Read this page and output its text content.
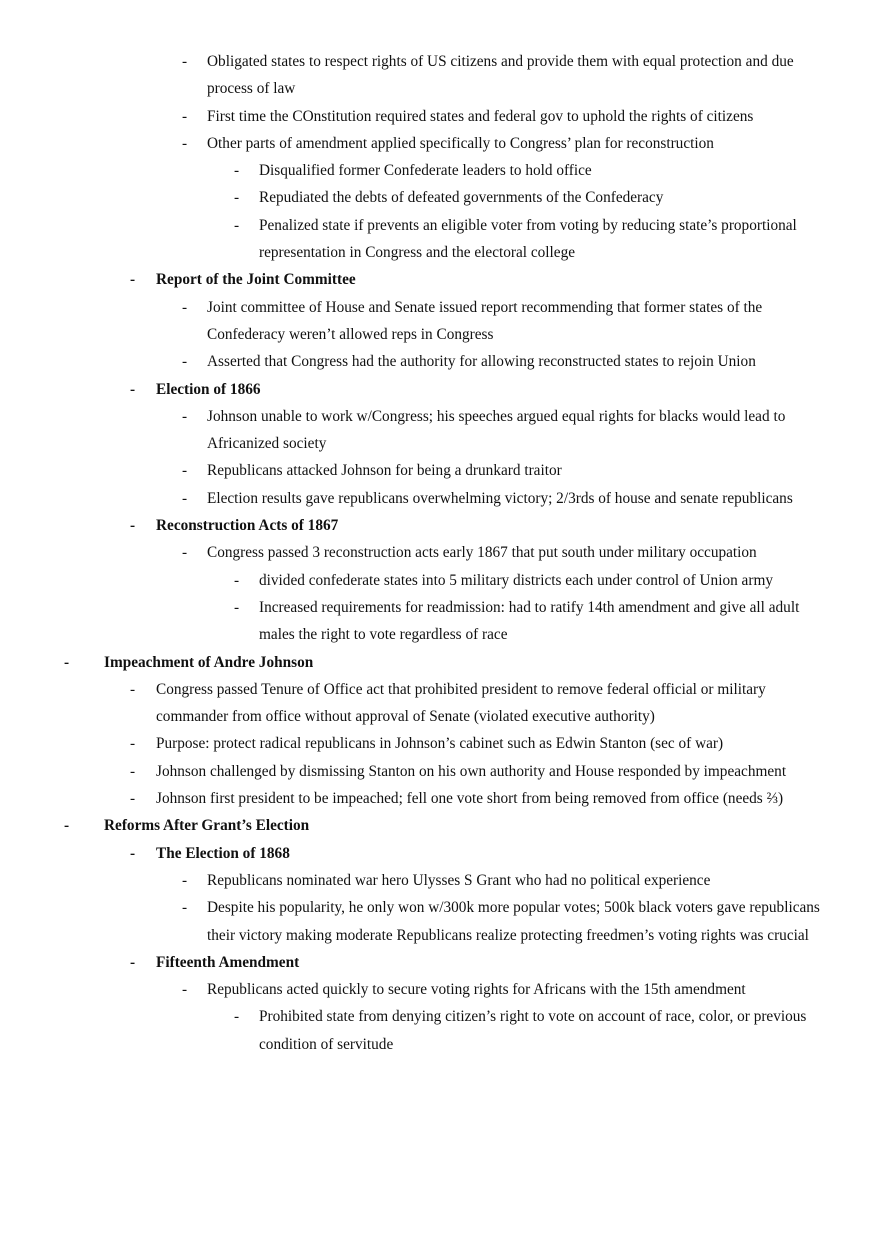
- Obligated states to respect rights of US citizens and provide them with equal protection and due process of law
- First time the COnstitution required states and federal gov to uphold the rights of citizens
- Other parts of amendment applied specifically to Congress’ plan for reconstruction
- Disqualified former Confederate leaders to hold office
- Repudiated the debts of defeated governments of the Confederacy
- Penalized state if prevents an eligible voter from voting by reducing state’s proportional representation in Congress and the electoral college
- Report of the Joint Committee
- Joint committee of House and Senate issued report recommending that former states of the Confederacy weren’t allowed reps in Congress
- Asserted that Congress had the authority for allowing reconstructed states to rejoin Union
- Election of 1866
- Johnson unable to work w/Congress; his speeches argued equal rights for blacks would lead to Africanized society
- Republicans attacked Johnson for being a drunkard traitor
- Election results gave republicans overwhelming victory; 2/3rds of house and senate republicans
- Reconstruction Acts of 1867
- Congress passed 3 reconstruction acts early 1867 that put south under military occupation
- divided confederate states into 5 military districts each under control of Union army
- Increased requirements for readmission: had to ratify 14th amendment and give all adult males the right to vote regardless of race
- Impeachment of Andre Johnson
- Congress passed Tenure of Office act that prohibited president to remove federal official or military commander from office without approval of Senate (violated executive authority)
- Purpose: protect radical republicans in Johnson’s cabinet such as Edwin Stanton (sec of war)
- Johnson challenged by dismissing Stanton on his own authority and House responded by impeachment
- Johnson first president to be impeached; fell one vote short from being removed from office (needs ⅔)
- Reforms After Grant’s Election
- The Election of 1868
- Republicans nominated war hero Ulysses S Grant who had no political experience
- Despite his popularity, he only won w/300k more popular votes; 500k black voters gave republicans their victory making moderate Republicans realize protecting freedmen’s voting rights was crucial
- Fifteenth Amendment
- Republicans acted quickly to secure voting rights for Africans with the 15th amendment
- Prohibited state from denying citizen’s right to vote on account of race, color, or previous condition of servitude
